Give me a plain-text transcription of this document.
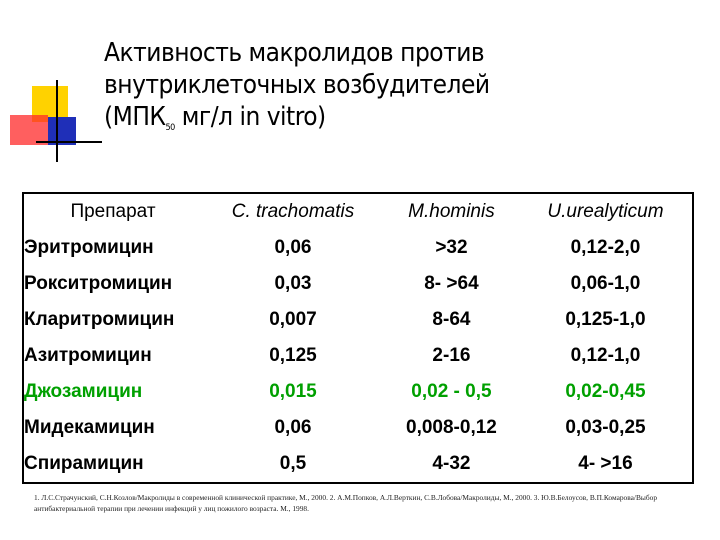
Активность макролидов против
внутриклеточных возбудителей
(МПК50 мг/л in vitro)
Препарат	C. trachomatis	M.hominis	U.urealyticum
Эритромицин	0,06	>32	0,12-2,0
Рокситромицин	0,03	8- >64	0,06-1,0
Кларитромицин	0,007	8-64	0,125-1,0
Азитромицин	0,125	2-16	0,12-1,0
Джозамицин	0,015	0,02 - 0,5	0,02-0,45
Мидекамицин	0,06	0,008-0,12	0,03-0,25
Спирамицин	0,5	4-32	4- >16
1. Л.С.Страчунский, С.Н.Козлов/Макролиды в современной клинической практике, М., 2000. 2. А.М.Попков, А.Л.Верткин, С.В.Лобова/Макролиды, М., 2000. 3. Ю.В.Белоусов, В.П.Комарова/Выбор антибактериальной терапии при лечении инфекций у лиц пожилого возраста. М., 1998.
